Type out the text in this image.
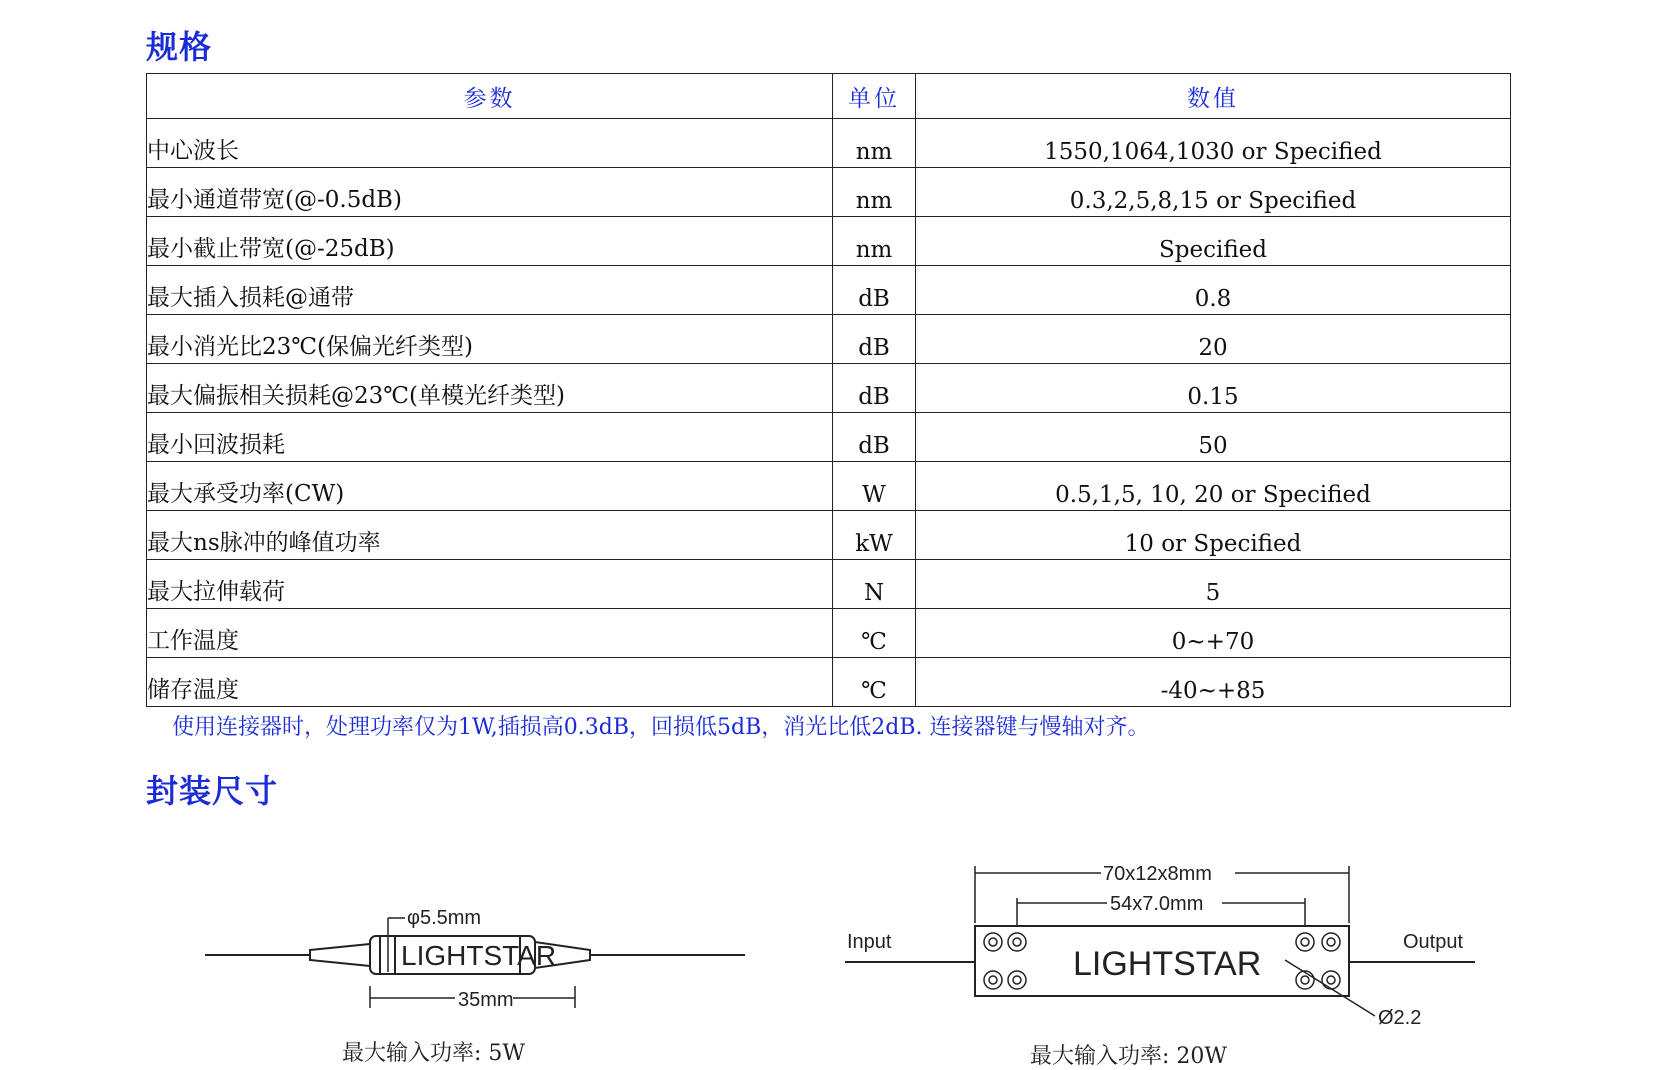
规格
参数	单位	数值
中心波长	nm	1550,1064,1030 or Specified
最小通道带宽(@-0.5dB)	nm	0.3,2,5,8,15 or Specified
最小截止带宽(@-25dB)	nm	Specified
最大插入损耗@通带	dB	0.8
最小消光比23℃(保偏光纤类型)	dB	20
最大偏振相关损耗@23℃(单模光纤类型)	dB	0.15
最小回波损耗	dB	50
最大承受功率(CW)	W	0.5,1,5, 10, 20 or Specified
最大ns脉冲的峰值功率	kW	10 or Specified
最大拉伸载荷	N	5
工作温度	℃	0~+70
储存温度	℃	-40~+85
使用连接器时，处理功率仅为1W,插损高0.3dB，回损低5dB，消光比低2dB. 连接器键与慢轴对齐。
封装尺寸
φ5.5mm
LIGHTSTAR
35mm
最大输入功率: 5W
70x12x8mm
54x7.0mm
Input	Output
LIGHTSTAR
Ø2.2
最大输入功率: 20W
